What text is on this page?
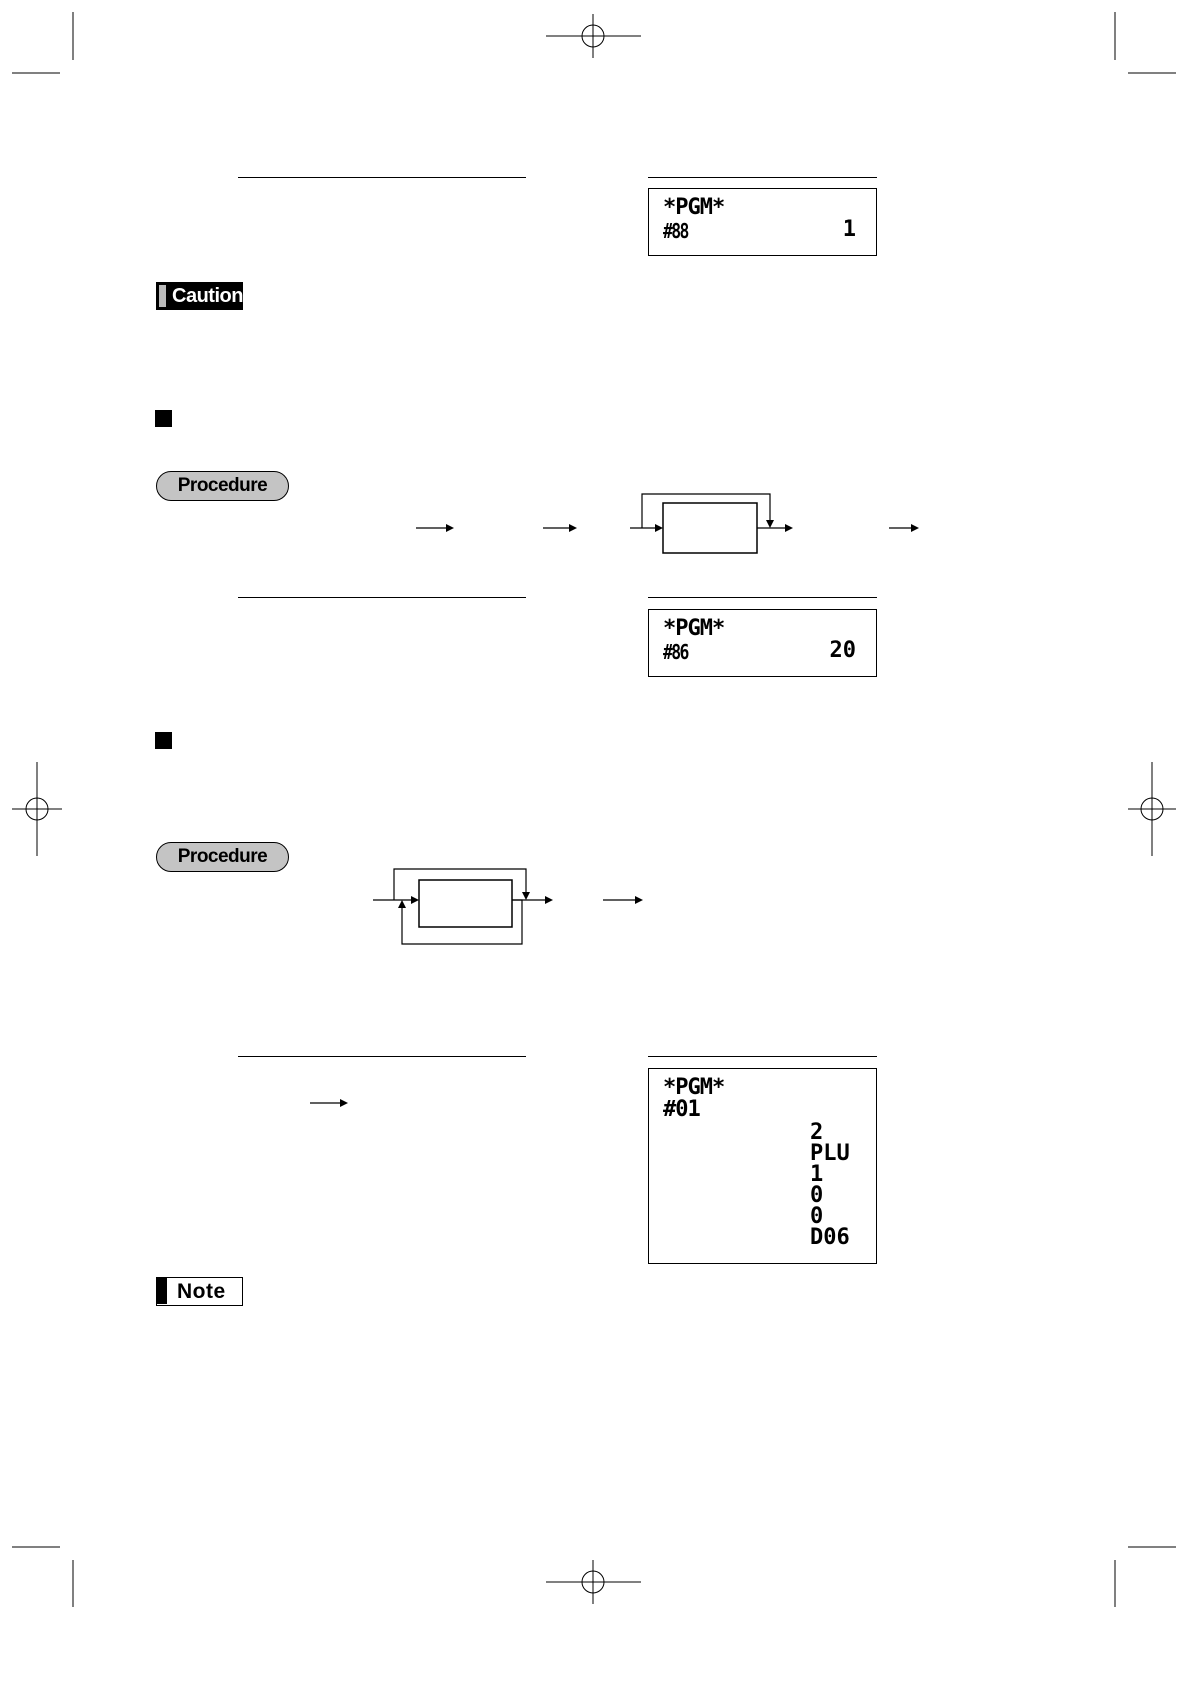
*PGM*
#88	1
Caution
Procedure
*PGM*
#86	20
Procedure
*PGM*
#01
2
PLU
1
0
0
D06
Note
